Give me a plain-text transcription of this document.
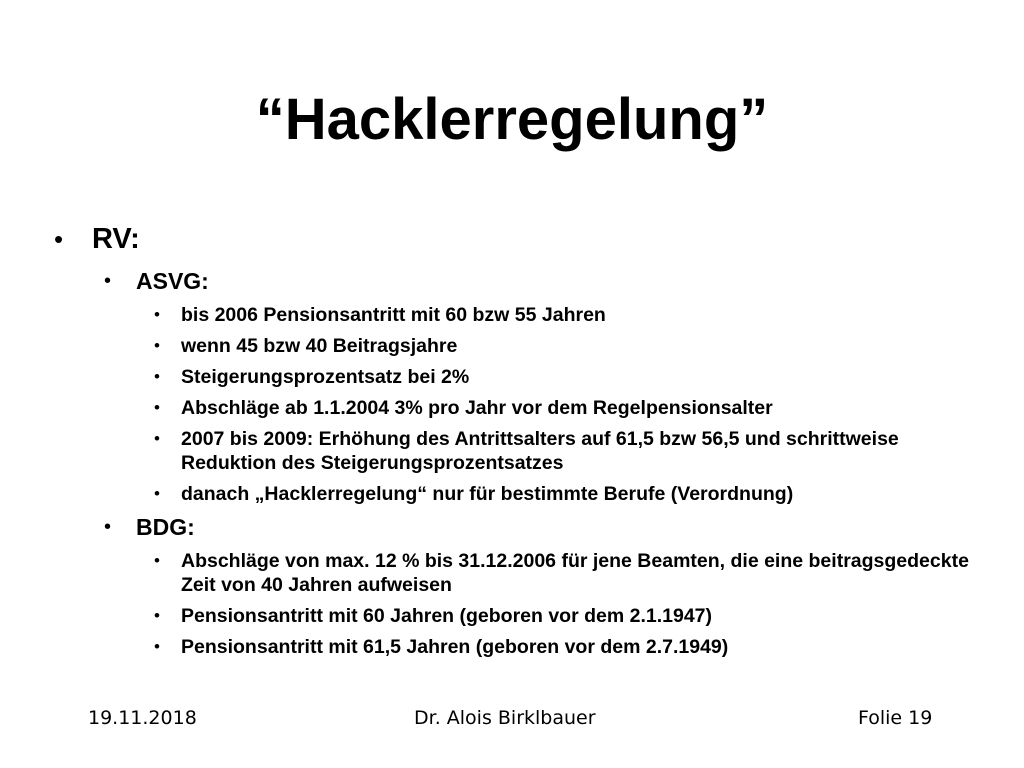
“Hacklerregelung”
• RV:
• ASVG:
• bis 2006 Pensionsantritt mit 60 bzw 55 Jahren
• wenn 45 bzw 40 Beitragsjahre
• Steigerungsprozentsatz bei 2%
• Abschläge ab 1.1.2004 3% pro Jahr vor dem Regelpensionsalter
• 2007 bis 2009: Erhöhung des Antrittsalters auf 61,5 bzw 56,5 und schrittweise Reduktion des Steigerungsprozentsatzes
• danach „Hacklerregelung“ nur für bestimmte Berufe (Verordnung)
• BDG:
• Abschläge von max. 12 % bis 31.12.2006 für jene Beamten, die eine beitragsgedeckte Zeit von 40 Jahren aufweisen
• Pensionsantritt mit 60 Jahren (geboren vor dem 2.1.1947)
• Pensionsantritt mit 61,5 Jahren (geboren vor dem 2.7.1949)
19.11.2018	Dr. Alois Birklbauer	Folie 19
